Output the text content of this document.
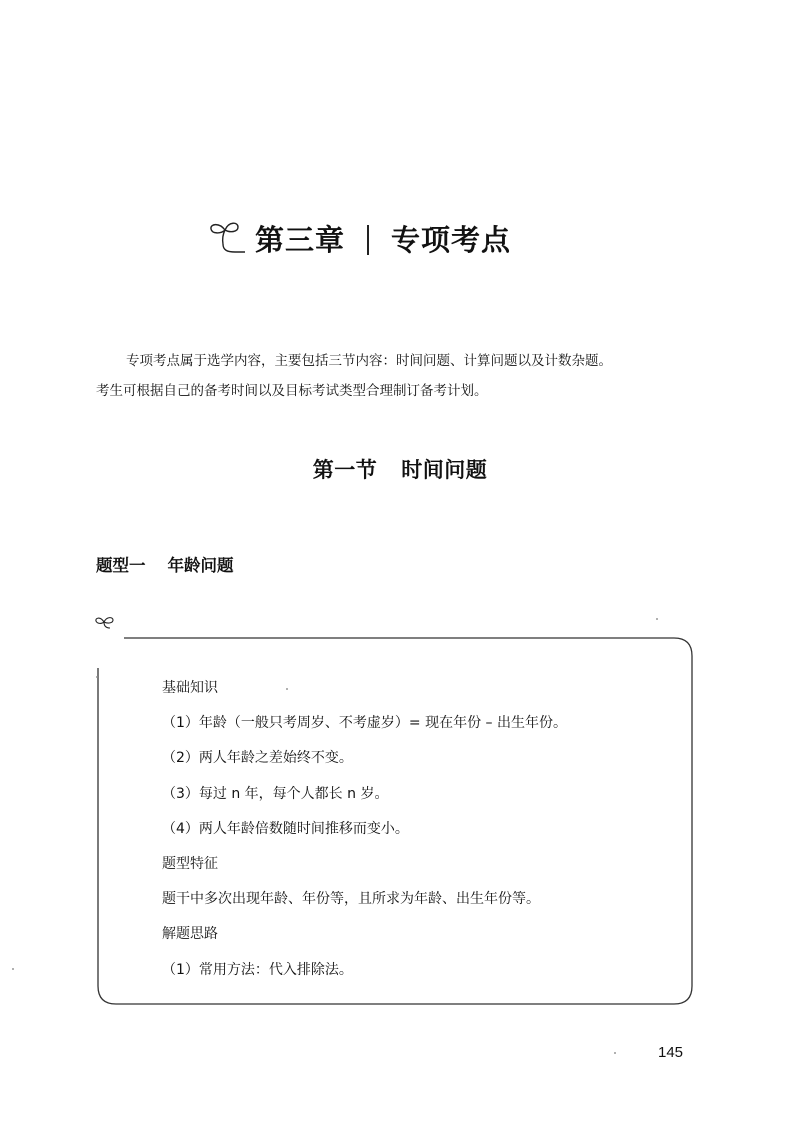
第三章 专项考点

专项考点属于选学内容，主要包括三节内容：时间问题、计算问题以及计数杂题。

考生可根据自己的备考时间以及目标考试类型合理制订备考计划。

第一节 时间问题
题型一 年龄问题
基础知识
（1）年龄（一般只考周岁、不考虚岁）= 现在年份 – 出生年份。
（2）两人年龄之差始终不变。
（3）每过 n 年，每个人都长 n 岁。
（4）两人年龄倍数随时间推移而变小。
题型特征
题干中多次出现年龄、年份等，且所求为年龄、出生年份等。
解题思路
（1）常用方法：代入排除法。
145
